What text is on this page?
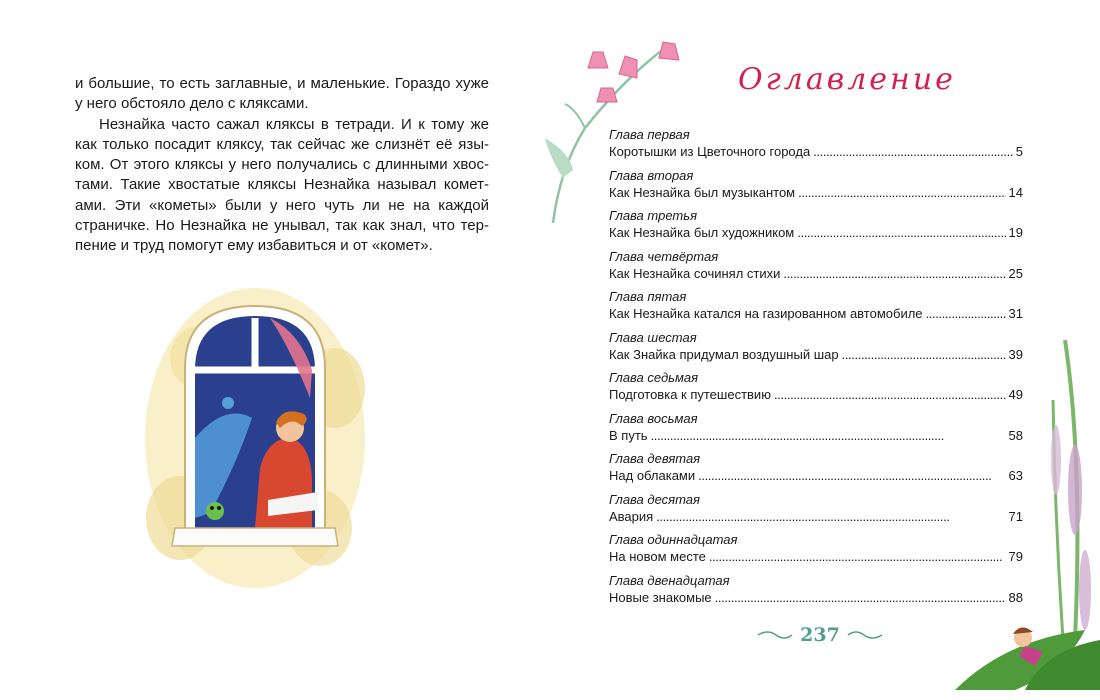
и большие, то есть заглавные, и маленькие. Гораздо хуже у него обстояло дело с кляксами.

Незнайка часто сажал кляксы в тетради. И к тому же как только посадит кляксу, так сейчас же слизнёт её язы- ком. От этого кляксы у него получались с длинными хвос- тами. Такие хвостатые кляксы Незнайка называл комет- ами. Эти «кометы» были у него чуть ли не на каждой страничке. Но Незнайка не унывал, так как знал, что тер- пение и труд помогут ему избавиться и от «комет».

Оглавление
Глава первая
Коротышки из Цветочного города . . .	5
Глава вторая
Как Незнайка был музыкантом . . .	14
Глава третья
Как Незнайка был художником . . .	19
Глава четвёртая
Как Незнайка сочинял стихи . . .	25
Глава пятая
Как Незнайка катался на газированном автомобиле . . .	31
Глава шестая
Как Знайка придумал воздушный шар . . .	39
Глава седьмая
Подготовка к путешествию . . .	49
Глава восьмая
В путь . . .	58
Глава девятая
Над облаками . . .	63
Глава десятая
Авария . . .	71
Глава одиннадцатая
На новом месте . . .	79
Глава двенадцатая
Новые знакомые . . .	88
237
